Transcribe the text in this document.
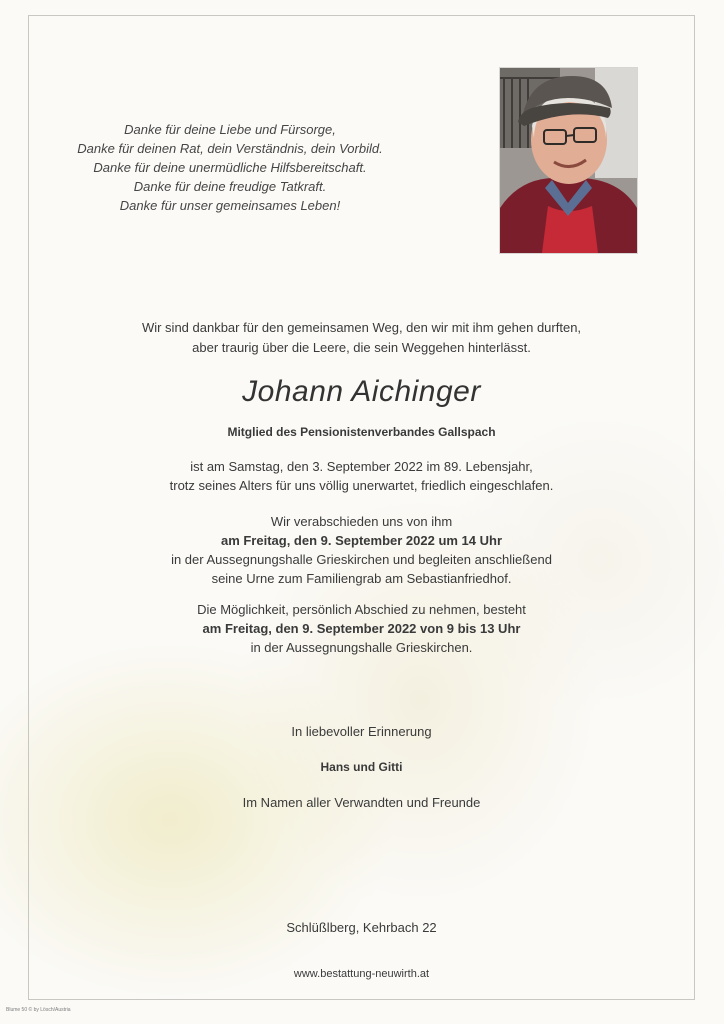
Danke für deine Liebe und Fürsorge,
Danke für deinen Rat, dein Verständnis, dein Vorbild.
Danke für deine unermüdliche Hilfsbereitschaft.
Danke für deine freudige Tatkraft.
Danke für unser gemeinsames Leben!
Wir sind dankbar für den gemeinsamen Weg, den wir mit ihm gehen durften,
aber traurig über die Leere, die sein Weggehen hinterlässt.
Johann Aichinger
Mitglied des Pensionistenverbandes Gallspach
ist am Samstag, den 3. September 2022 im 89. Lebensjahr,
trotz seines Alters für uns völlig unerwartet, friedlich eingeschlafen.
Wir verabschieden uns von ihm
am Freitag, den 9. September 2022 um 14 Uhr
in der Aussegnungshalle Grieskirchen und begleiten anschließend
seine Urne zum Familiengrab am Sebastianfriedhof.
Die Möglichkeit, persönlich Abschied zu nehmen, besteht
am Freitag, den 9. September 2022 von 9 bis 13 Uhr
in der Aussegnungshalle Grieskirchen.
In liebevoller Erinnerung
Hans und Gitti
Im Namen aller Verwandten und Freunde
Schlüßlberg, Kehrbach 22
www.bestattung-neuwirth.at
Blume 50 © by Lösch/Austria
